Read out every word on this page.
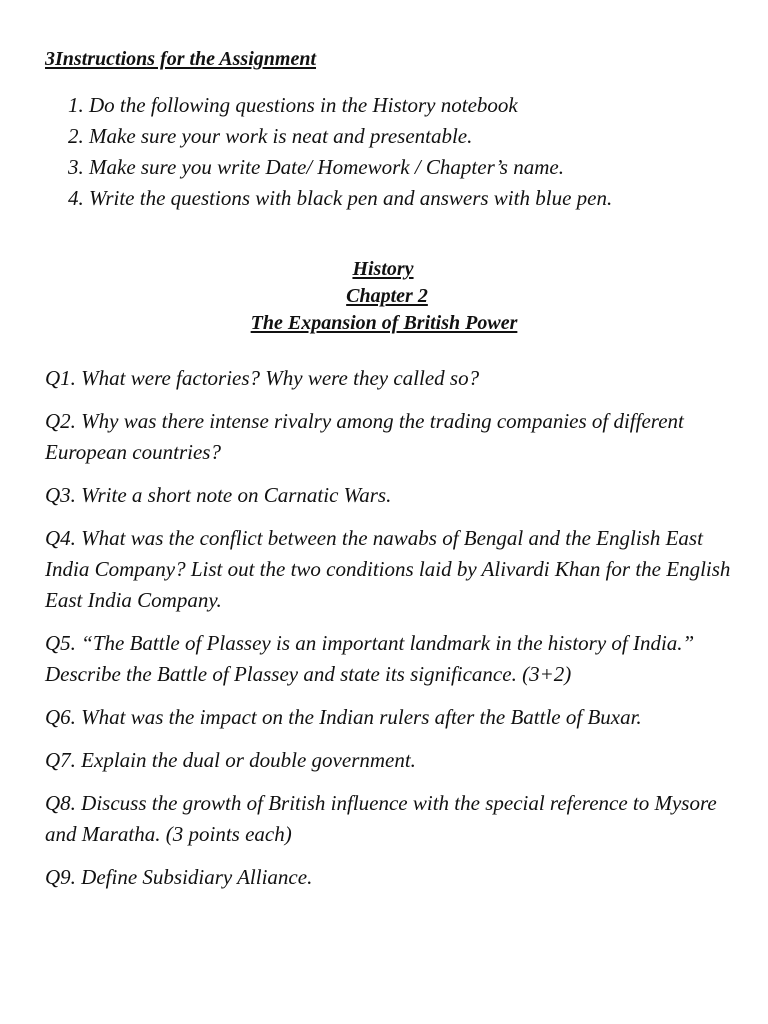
3Instructions for the Assignment
1. Do the following questions in the History notebook
2. Make sure your work is neat and presentable.
3. Make sure you write Date/ Homework / Chapter’s name.
4. Write the questions with black pen and answers with blue pen.
History
Chapter 2
The Expansion of British Power

Q1. What were factories? Why were they called so?

Q2. Why was there intense rivalry among the trading companies of different European countries?

Q3. Write a short note on Carnatic Wars.

Q4. What was the conflict between the nawabs of Bengal and the English East India Company? List out the two conditions laid by Alivardi Khan for the English East India Company.

Q5. “The Battle of Plassey is an important landmark in the history of India.” Describe the Battle of Plassey and state its significance. (3+2)

Q6. What was the impact on the Indian rulers after the Battle of Buxar.

Q7. Explain the dual or double government.

Q8. Discuss the growth of British influence with the special reference to Mysore and Maratha. (3 points each)

Q9. Define Subsidiary Alliance.
